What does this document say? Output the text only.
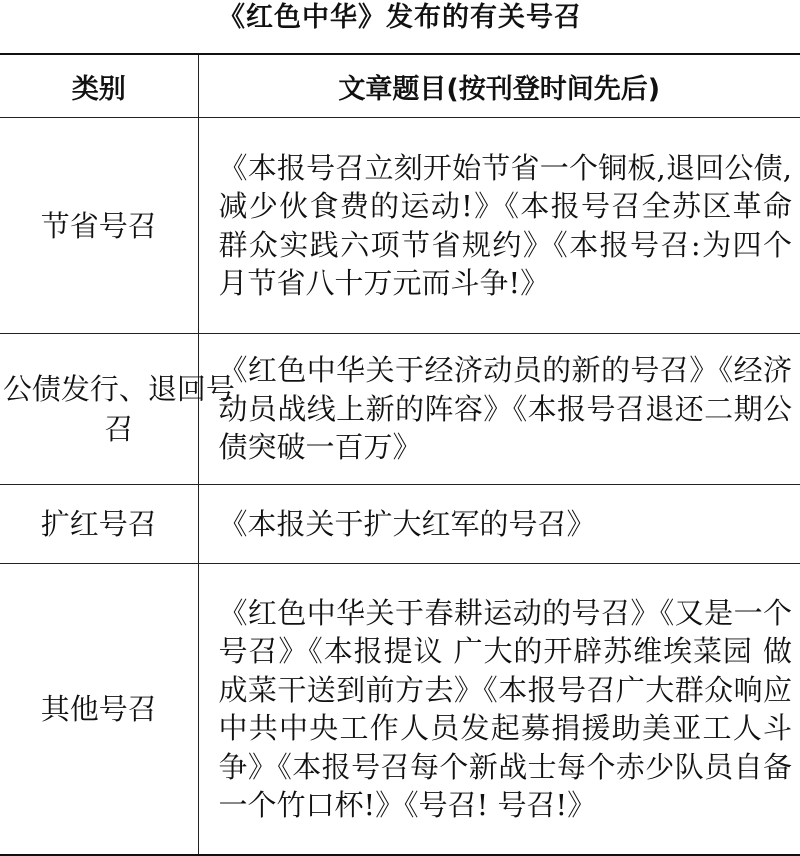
《红色中华》发布的有关号召
类别	文章题目(按刊登时间先后)
节省号召	《本报号召立刻开始节省一个铜板,退回公债,减少伙食费的运动!》《本报号召全苏区革命群众实践六项节省规约》《本报号召:为四个月节省八十万元而斗争!》
公债发行、退回号召	《红色中华关于经济动员的新的号召》《经济动员战线上新的阵容》《本报号召退还二期公债突破一百万》
扩红号召	《本报关于扩大红军的号召》
其他号召	《红色中华关于春耕运动的号召》《又是一个号召》《本报提议 广大的开辟苏维埃菜园 做成菜干送到前方去》《本报号召广大群众响应中共中央工作人员发起募捐援助美亚工人斗争》《本报号召每个新战士每个赤少队员自备一个竹口杯!》《号召! 号召!》
